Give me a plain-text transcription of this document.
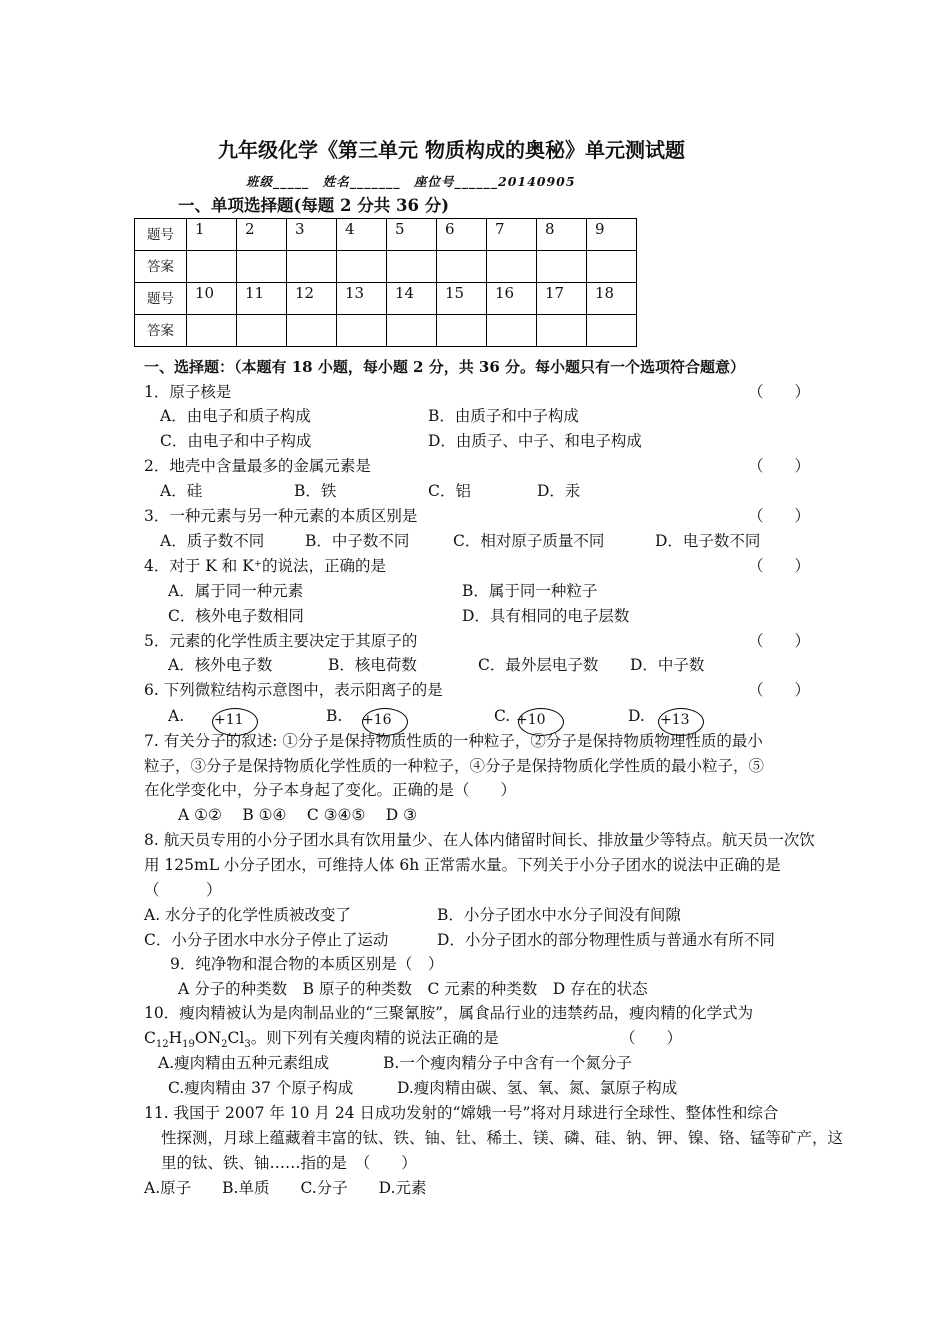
九年级化学《第三单元 物质构成的奥秘》单元测试题
班级_____　姓名_______　座位号______20140905
一、单项选择题(每题 2 分共 36 分)
题号	1	2	3	4	5	6	7	8	9
答案									
题号	10	11	12	13	14	15	16	17	18
答案									
一、选择题：（本题有 18 小题，每小题 2 分，共 36 分。每小题只有一个选项符合题意）
1．原子核是	（　　）
A．由电子和质子构成	B．由质子和中子构成
C．由电子和中子构成	D．由质子、中子、和电子构成
2．地壳中含量最多的金属元素是	（　　）
A．硅	B．铁	C．铝	D．汞
3．一种元素与另一种元素的本质区别是	（　　）
A．质子数不同	B．中子数不同	C．相对原子质量不同	D．电子数不同
4．对于 K 和 K⁺的说法，正确的是	（　　）
A．属于同一种元素	B．属于同一种粒子
C．核外电子数相同	D．具有相同的电子层数
5．元素的化学性质主要决定于其原子的	（　　）
A．核外电子数	B．核电荷数	C．最外层电子数 D．中子数
6. 下列微粒结构示意图中，表示阳离子的是	（　　）
A. +11	B. +16	C. +10	D. +13
7. 有关分子的叙述: ①分子是保持物质性质的一种粒子，②分子是保持物质物理性质的最小
粒子，③分子是保持物质化学性质的一种粒子，④分子是保持物质化学性质的最小粒子，⑤
在化学变化中，分子本身起了变化。正确的是（　　）
A ①②　 B ①④　 C ③④⑤　 D ③
8. 航天员专用的小分子团水具有饮用量少、在人体内储留时间长、排放量少等特点。航天员一次饮
用 125mL 小分子团水，可维持人体 6h 正常需水量。下列关于小分子团水的说法中正确的是
（　　　）
A. 水分子的化学性质被改变了	B．小分子团水中水分子间没有间隙
C．小分子团水中水分子停止了运动	D．小分子团水的部分物理性质与普通水有所不同
9．纯净物和混合物的本质区别是（　）
A 分子的种类数　B 原子的种类数　C 元素的种类数　D 存在的状态
10．瘦肉精被认为是肉制品业的“三聚氰胺”，属食品行业的违禁药品，瘦肉精的化学式为
$C_{12}H_{19}ON_2Cl_3$。则下列有关瘦肉精的说法正确的是	（　　）
A.瘦肉精由五种元素组成	B.一个瘦肉精分子中含有一个氮分子
C.瘦肉精由 37 个原子构成	D.瘦肉精由碳、氢、氧、氮、氯原子构成
11. 我国于 2007 年 10 月 24 日成功发射的“嫦娥一号”将对月球进行全球性、整体性和综合
性探测，月球上蕴藏着丰富的钛、铁、铀、钍、稀土、镁、磷、硅、钠、钾、镍、铬、锰等矿产，这
里的钛、铁、铀……指的是　（　　）
A.原子　　B.单质　　C.分子　　D.元素
